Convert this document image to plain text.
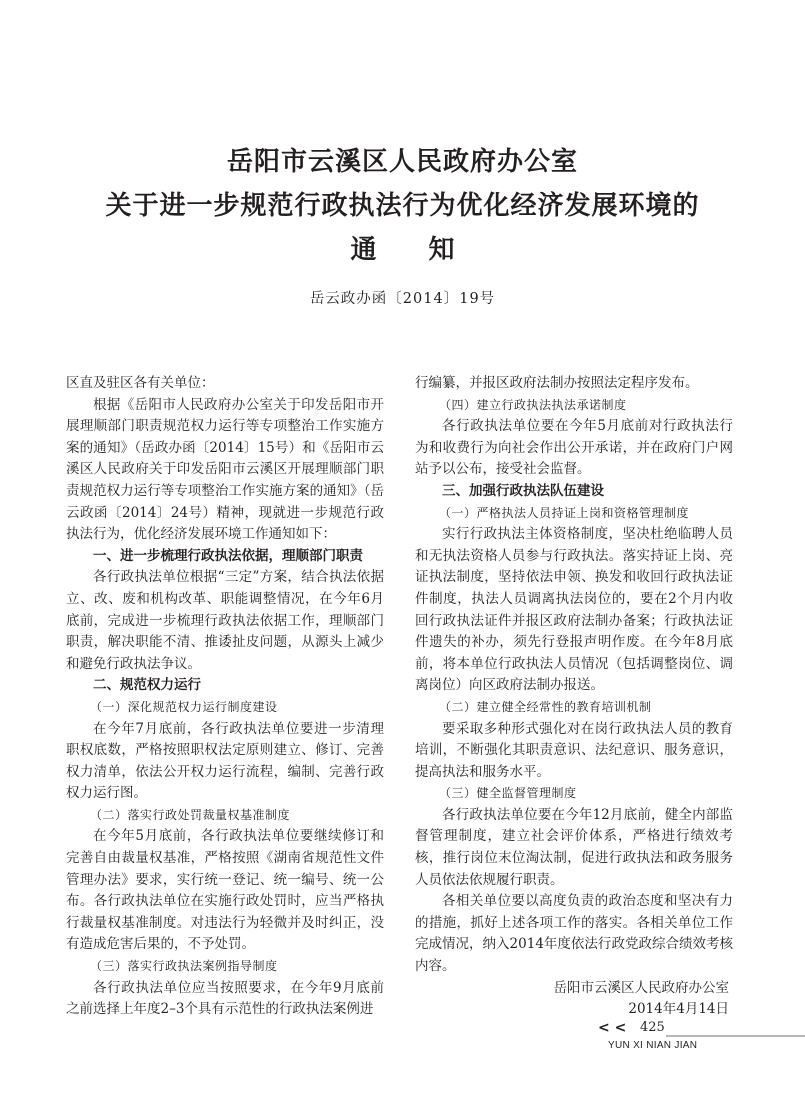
岳阳市云溪区人民政府办公室
关于进一步规范行政执法行为优化经济发展环境的
通知
岳云政办函〔2014〕19号

区直及驻区各有关单位：

根据《岳阳市人民政府办公室关于印发岳阳市开展理顺部门职责规范权力运行等专项整治工作实施方案的通知》（岳政办函〔2014〕15号）和《岳阳市云溪区人民政府关于印发岳阳市云溪区开展理顺部门职责规范权力运行等专项整治工作实施方案的通知》（岳云政函〔2014〕24号）精神，现就进一步规范行政执法行为，优化经济发展环境工作通知如下：

一、进一步梳理行政执法依据，理顺部门职责

各行政执法单位根据“三定”方案，结合执法依据立、改、废和机构改革、职能调整情况，在今年6月底前，完成进一步梳理行政执法依据工作，理顺部门职责，解决职能不清、推诿扯皮问题，从源头上减少和避免行政执法争议。

二、规范权力运行

（一）深化规范权力运行制度建设

在今年7月底前，各行政执法单位要进一步清理职权底数，严格按照职权法定原则建立、修订、完善权力清单，依法公开权力运行流程，编制、完善行政权力运行图。

（二）落实行政处罚裁量权基准制度

在今年5月底前，各行政执法单位要继续修订和完善自由裁量权基准，严格按照《湖南省规范性文件管理办法》要求，实行统一登记、统一编号、统一公布。各行政执法单位在实施行政处罚时，应当严格执行裁量权基准制度。对违法行为轻微并及时纠正，没有造成危害后果的，不予处罚。

（三）落实行政执法案例指导制度

各行政执法单位应当按照要求，在今年9月底前之前选择上年度2–3个具有示范性的行政执法案例进

行编纂，并报区政府法制办按照法定程序发布。

（四）建立行政执法执法承诺制度

各行政执法单位要在今年5月底前对行政执法行为和收费行为向社会作出公开承诺，并在政府门户网站予以公布，接受社会监督。

三、加强行政执法队伍建设

（一）严格执法人员持证上岗和资格管理制度

实行行政执法主体资格制度，坚决杜绝临聘人员和无执法资格人员参与行政执法。落实持证上岗、亮证执法制度，坚持依法申领、换发和收回行政执法证件制度，执法人员调离执法岗位的，要在2个月内收回行政执法证件并报区政府法制办备案；行政执法证件遗失的补办，须先行登报声明作废。在今年8月底前，将本单位行政执法人员情况（包括调整岗位、调离岗位）向区政府法制办报送。

（二）建立健全经常性的教育培训机制

要采取多种形式强化对在岗行政执法人员的教育培训，不断强化其职责意识、法纪意识、服务意识，提高执法和服务水平。

（三）健全监督管理制度

各行政执法单位要在今年12月底前，健全内部监督管理制度，建立社会评价体系，严格进行绩效考核，推行岗位末位淘汰制，促进行政执法和政务服务人员依法依规履行职责。

各相关单位要以高度负责的政治态度和坚决有力的措施，抓好上述各项工作的落实。各相关单位工作完成情况，纳入2014年度依法行政党政综合绩效考核内容。

岳阳市云溪区人民政府办公室

2014年4月14日

< < 425
YUN XI NIAN JIAN
